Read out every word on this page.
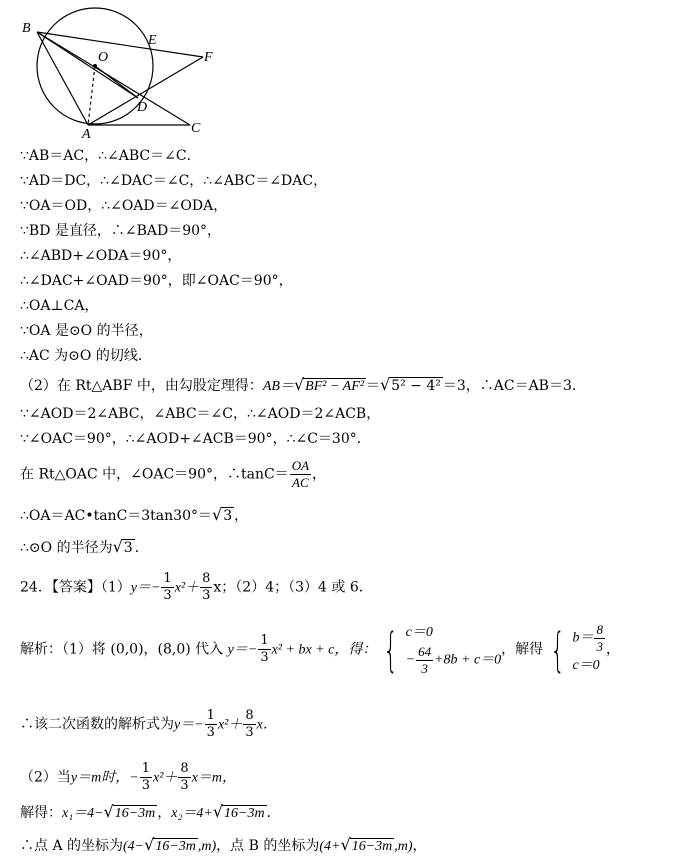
B
E
O	F
D
A	C
∵AB＝AC，∴∠ABC＝∠C．
∵AD＝DC，∴∠DAC＝∠C，∴∠ABC＝∠DAC，
∵OA＝OD，∴∠OAD＝∠ODA，
∵BD 是直径，∴∠BAD＝90°，
∴∠ABD+∠ODA＝90°，
∴∠DAC+∠OAD＝90°，即∠OAC＝90°，
∴OA⊥CA，
∵OA 是⊙O 的半径，
∴AC 为⊙O 的切线．
（2）在 Rt△ABF 中，由勾股定理得：AB＝√BF² − AF² ＝√5² − 4² ＝3，∴AC＝AB＝3．
∵∠AOD＝2∠ABC，∠ABC＝∠C，∴∠AOD＝2∠ACB，
∵∠OAC＝90°，∴∠AOD+∠ACB＝90°，∴∠C＝30°．
在 Rt△OAC 中，∠OAC＝90°，∴tanC＝ $\frac{OA}{AC}$ ，
∴OA＝AC•tanC＝3tan30°＝√3 ，
∴⊙O 的半径为√3 ．
24．【答案】$(1)y=- \frac{1}{3} x^2+ \frac{8}{3}$ x；（2）4；（3）4 或 6．
解析：（1）将 (0,0)，(8,0) 代入 $y=- \frac{1}{3} x^2$ + bx + c，得： { c＝0
− $\frac{64}{3} +8b + c=0$
，解得 { $b= \frac{8}{3}$
c＝0
，
∴该二次函数的解析式为$y=- \frac{1}{3} x^2+ \frac{8}{3}$ x．
（2）当y＝m时，− $\frac{1}{3} x^2+ \frac{8}{3} x=m$，
解得：x₁＝4−√16−3m ，x₂＝4+√16−3m ．
∴点 A 的坐标为(4−√16−3m ,m)，点 B 的坐标为(4+√16−3m ,m)，
